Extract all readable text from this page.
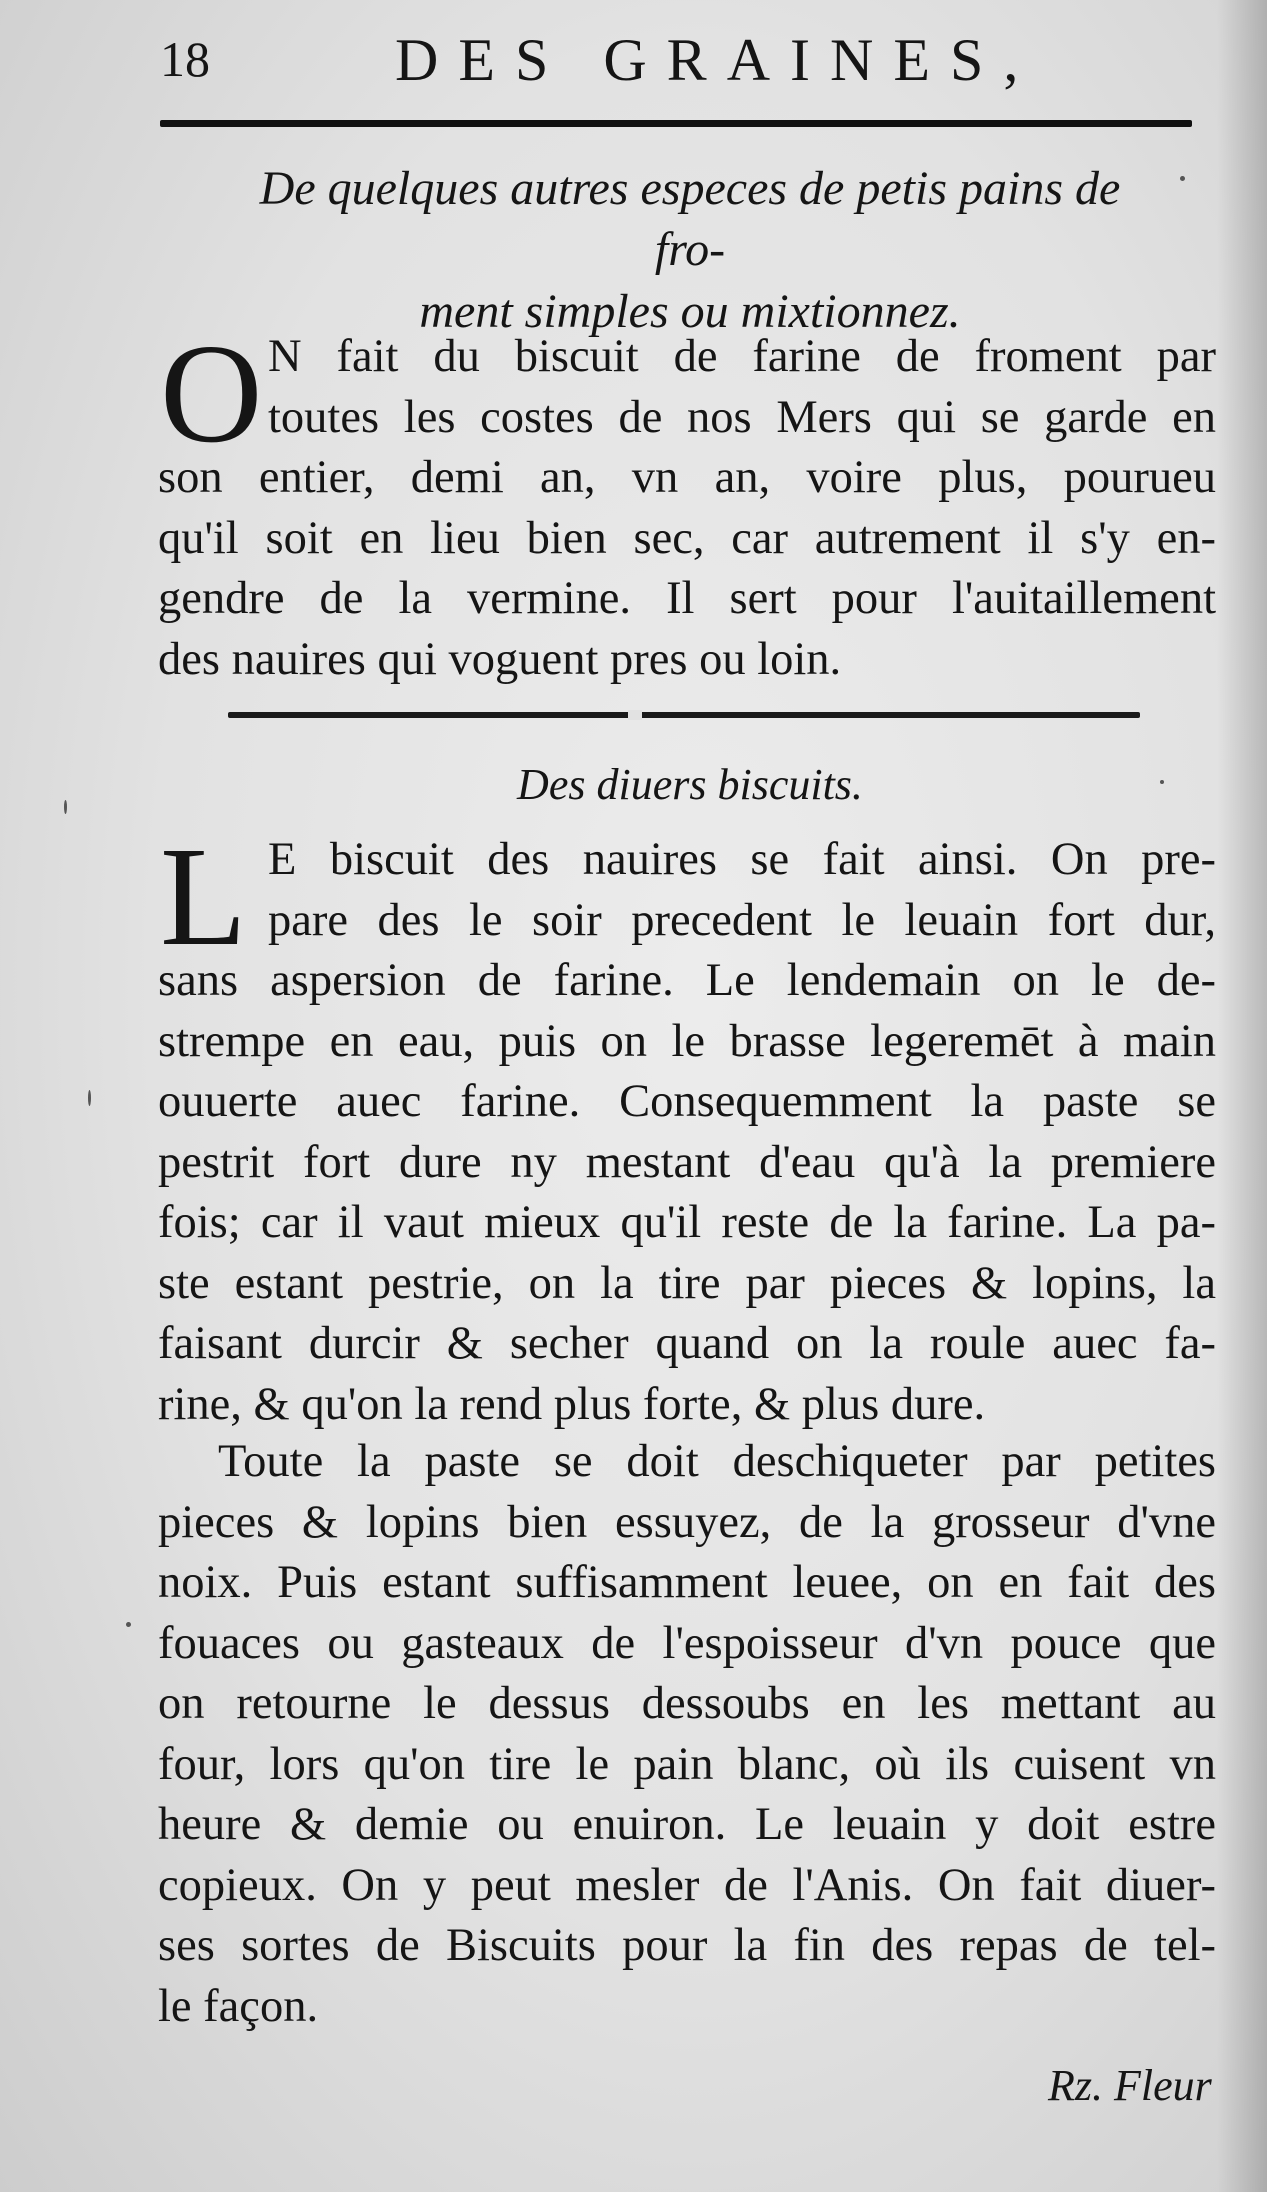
18	DES GRAINES,
De quelques autres especes de petis pains de fro-
ment simples ou mixtionnez.
O N fait du biscuit de farine de froment par
toutes les costes de nos Mers qui se garde en
son entier, demi an, vn an, voire plus, pourueu
qu'il soit en lieu bien sec, car autrement il s'y en-
gendre de la vermine. Il sert pour l'auitaillement
des nauires qui voguent pres ou loin.
Des diuers biscuits.
L E biscuit des nauires se fait ainsi. On pre-
pare des le soir precedent le leuain fort dur,
sans aspersion de farine. Le lendemain on le de-
strempe en eau, puis on le brasse legeremēt à main
ouuerte auec farine. Consequemment la paste se
pestrit fort dure ny mestant d'eau qu'à la premiere
fois; car il vaut mieux qu'il reste de la farine. La pa-
ste estant pestrie, on la tire par pieces & lopins, la
faisant durcir & secher quand on la roule auec fa-
rine, & qu'on la rend plus forte, & plus dure.
Toute la paste se doit deschiqueter par petites
pieces & lopins bien essuyez, de la grosseur d'vne
noix. Puis estant suffisamment leuee, on en fait des
fouaces ou gasteaux de l'espoisseur d'vn pouce que
on retourne le dessus dessoubs en les mettant au
four, lors qu'on tire le pain blanc, où ils cuisent vn
heure & demie ou enuiron. Le leuain y doit estre
copieux. On y peut mesler de l'Anis. On fait diuer-
ses sortes de Biscuits pour la fin des repas de tel-
le façon.
Rz. Fleur
